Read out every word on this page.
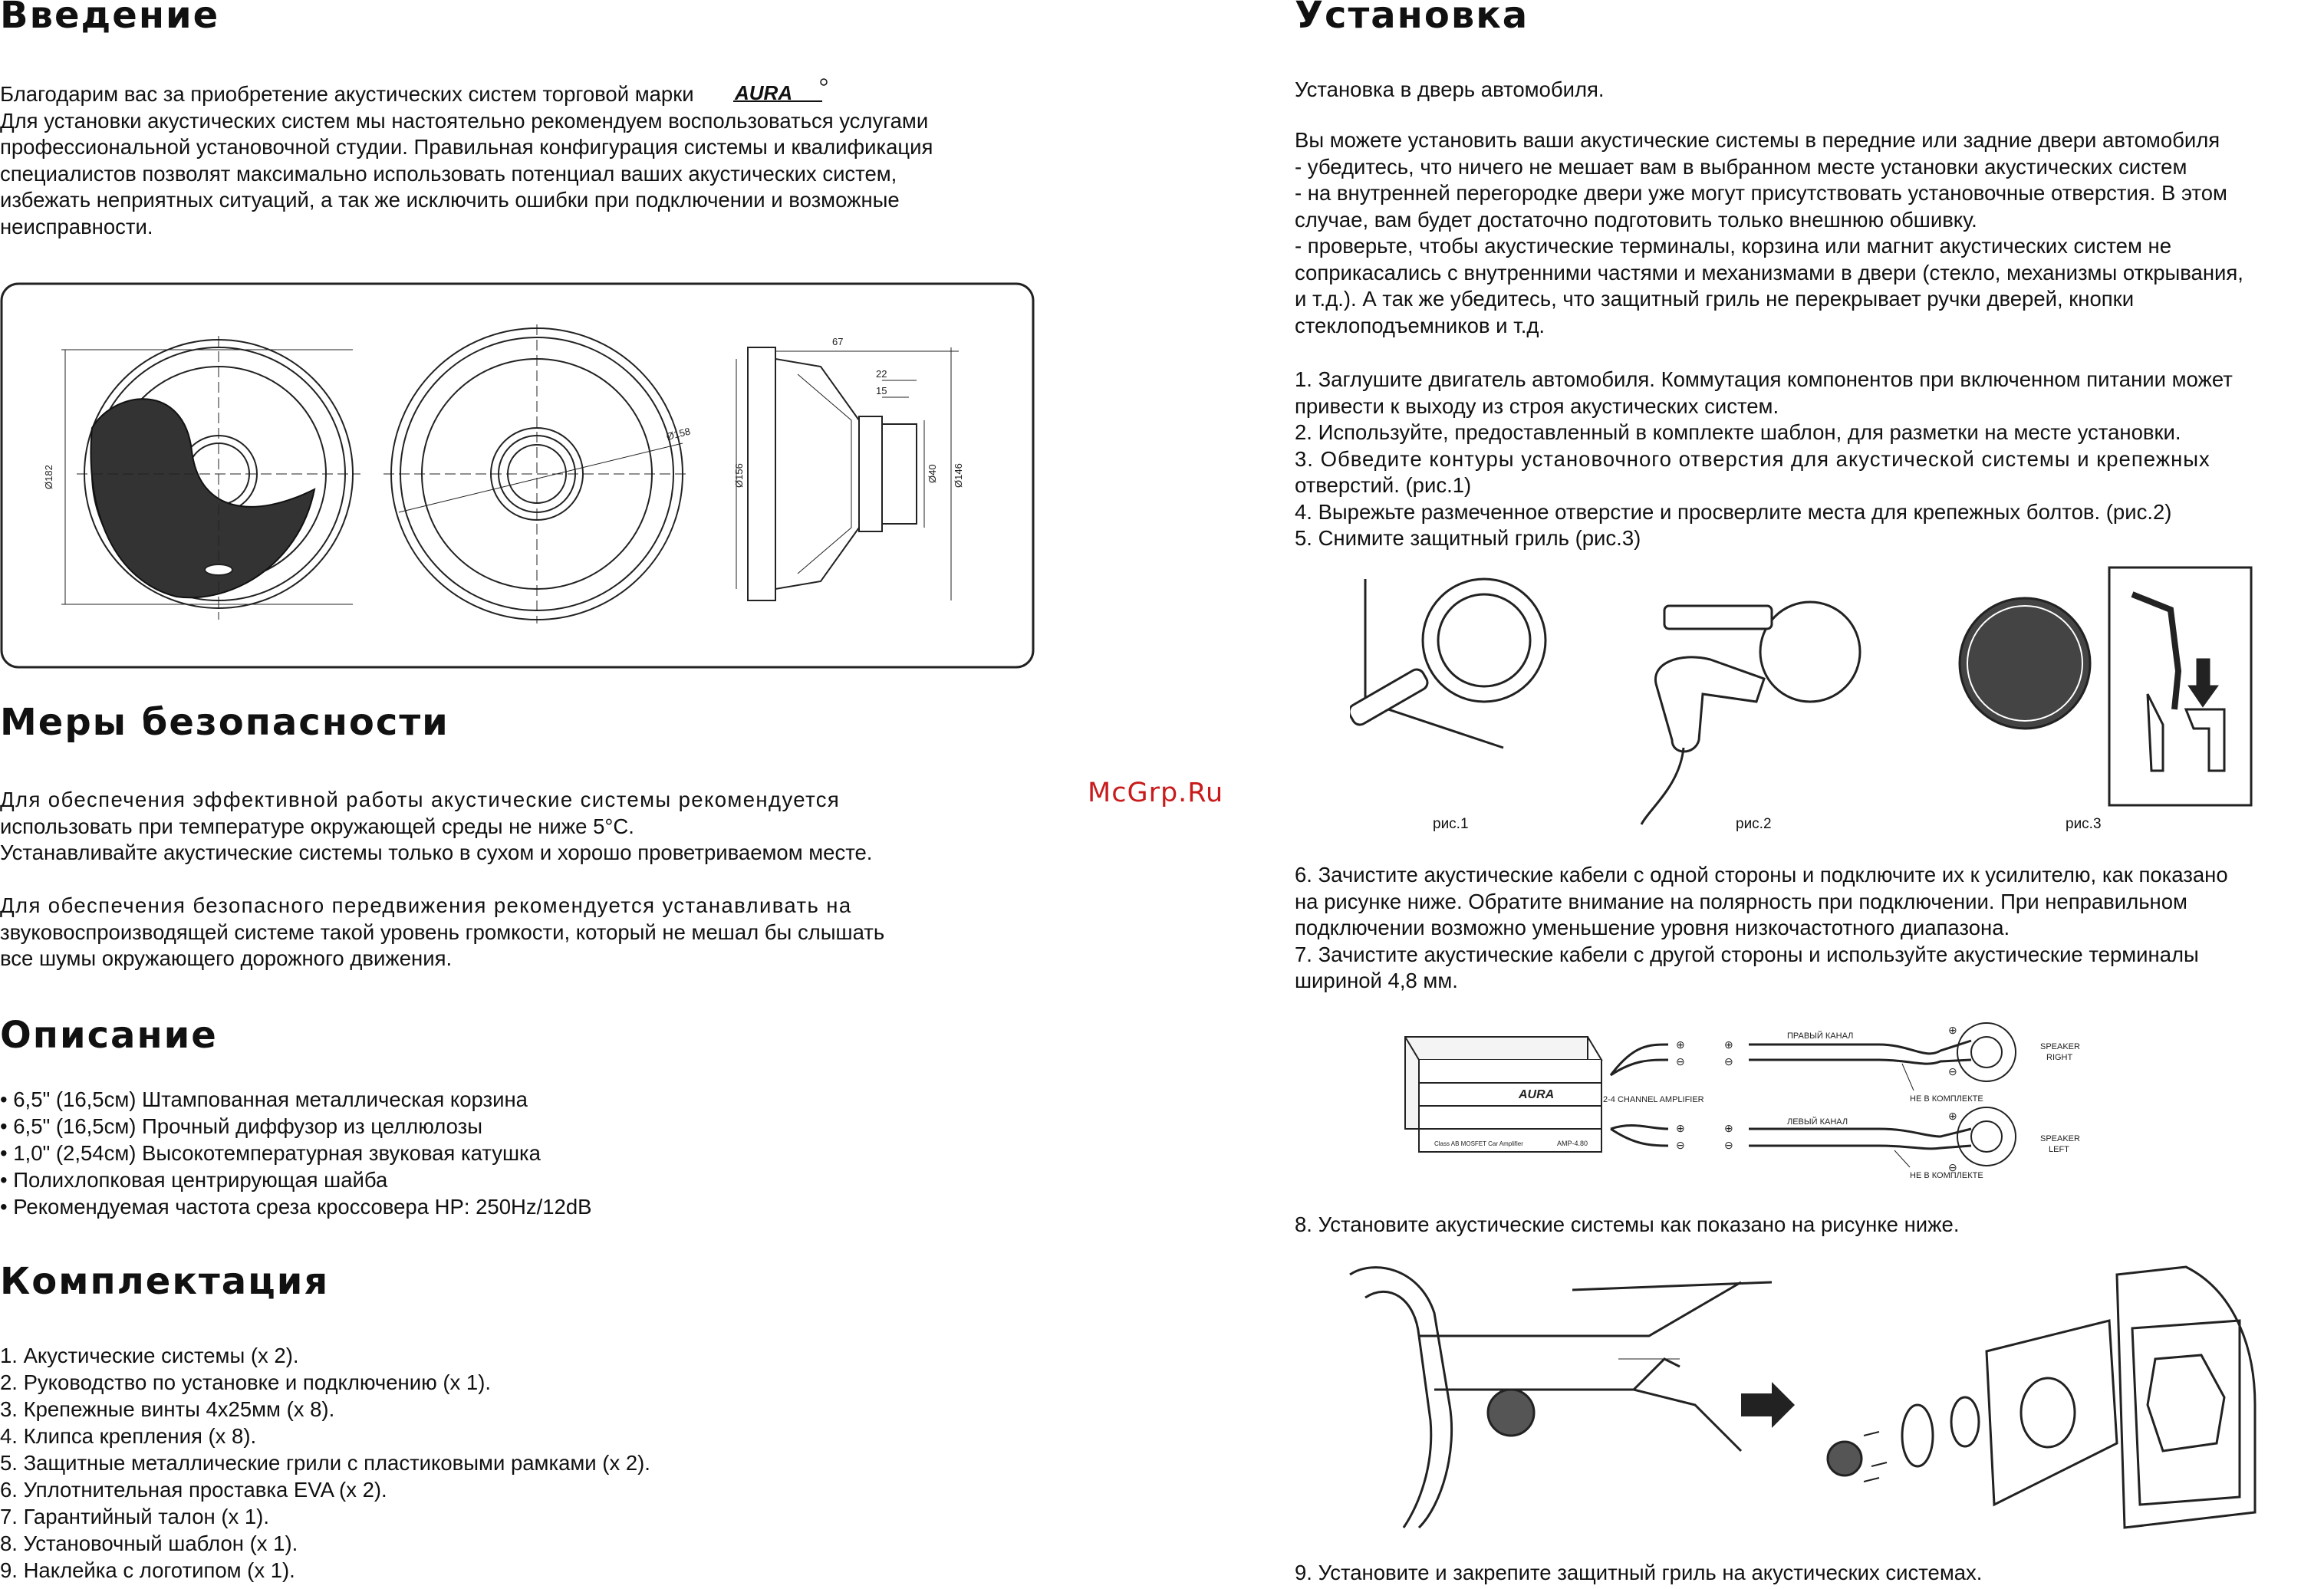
Введение
Благодарим вас за приобретение акустических систем торговой марки AURA
Для установки акустических систем мы настоятельно рекомендуем воспользоваться услугами
профессиональной установочной студии. Правильная конфигурация системы и квалификация
специалистов позволят максимально использовать потенциал ваших акустических систем,
избежать неприятных ситуаций, а так же исключить ошибки при подключении и возможные
неисправности.
Ø182
Ø158
67
22
15
Ø156	Ø40 Ø146
Меры безопасности
Для обеспечения эффективной работы акустические системы рекомендуется
использовать при температуре окружающей среды не ниже 5°C.
Устанавливайте акустические системы только в сухом и хорошо проветриваемом месте.
Для обеспечения безопасного передвижения рекомендуется устанавливать на
звуковоспроизводящей системе такой уровень громкости, который не мешал бы слышать
все шумы окружающего дорожного движения.
Описание
• 6,5" (16,5см) Штампованная металлическая корзина
• 6,5" (16,5см) Прочный диффузор из целлюлозы
• 1,0" (2,54см) Высокотемпературная звуковая катушка
• Полихлопковая центрирующая шайба
• Рекомендуемая частота среза кроссовера HP: 250Hz/12dB
Комплектация
1. Акустические системы (х 2).
2. Руководство по установке и подключению (х 1).
3. Крепежные винты 4х25мм (х 8).
4. Клипса крепления (х 8).
5. Защитные металлические грили с пластиковыми рамками (х 2).
6. Уплотнительная проставка EVA (х 2).
7. Гарантийный талон (х 1).
8. Установочный шаблон (х 1).
9. Наклейка с логотипом (х 1).
McGrp.Ru
Установка
Установка в дверь автомобиля.
Вы можете установить ваши акустические системы в передние или задние двери автомобиля
- убедитесь, что ничего не мешает вам в выбранном месте установки акустических систем
- на внутренней перегородке двери уже могут присутствовать установочные отверстия. В этом
случае, вам будет достаточно подготовить только внешнюю обшивку.
- проверьте, чтобы акустические терминалы, корзина или магнит акустических систем не
соприкасались с внутренними частями и механизмами в двери (стекло, механизмы открывания,
и т.д.). А так же убедитесь, что защитный гриль не перекрывает ручки дверей, кнопки
стеклоподъемников и т.д.
1. Заглушите двигатель автомобиля. Коммутация компонентов при включенном питании может
привести к выходу из строя акустических систем.
2. Используйте, предоставленный в комплекте шаблон, для разметки на месте установки.
3. Обведите контуры установочного отверстия для акустической системы и крепежных
отверстий. (рис.1)
4. Вырежьте размеченное отверстие и просверлите места для крепежных болтов. (рис.2)
5. Снимите защитный гриль (рис.3)
рис.1	рис.2	рис.3
6. Зачистите акустические кабели с одной стороны и подключите их к усилителю, как показано
на рисунке ниже. Обратите внимание на полярность при подключении. При неправильном
подключении возможно уменьшение уровня низкочастотного диапазона.
7. Зачистите акустические кабели с другой стороны и используйте акустические терминалы
шириной 4,8 мм.
AURA
Class AB MOSFET Car Amplifier	AMP-4.80
2-4 CHANNEL AMPLIFIER
⊕
⊖
⊕
⊖
⊕
⊖
⊕
⊖
⊕
⊖
⊕
⊖
ПРАВЫЙ КАНАЛ
НЕ В КОМПЛЕКТЕ
ЛЕВЫЙ КАНАЛ
НЕ В КОМПЛЕКТЕ
SPEAKER
RIGHT
SPEAKER
LEFT
8. Установите акустические системы как показано на рисунке ниже.
9. Установите и закрепите защитный гриль на акустических системах.
